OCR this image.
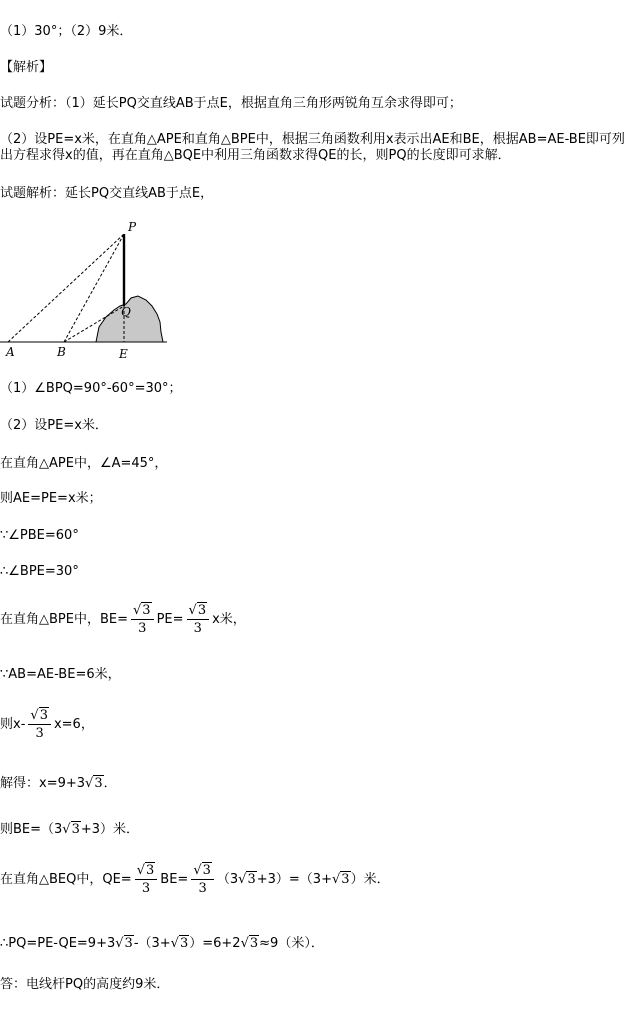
（1）30°；（2）9米．
【解析】
试题分析：（1）延长PQ交直线AB于点E，根据直角三角形两锐角互余求得即可；
（2）设PE=x米，在直角△APE和直角△BPE中，根据三角函数利用x表示出AE和BE，根据AB=AE-BE即可列出方程求得x的值，再在直角△BQE中利用三角函数求得QE的长，则PQ的长度即可求解．
试题解析：延长PQ交直线AB于点E，
P
Q
A	B	E
（1）∠BPQ=90°-60°=30°；
（2）设PE=x米．
在直角△APE中，∠A=45°，
则AE=PE=x米；
∵∠PBE=60°
∴∠BPE=30°
在直角△BPE中，$BE= \frac{√3}{3} PE= \frac{√3}{3}$ x米，
∵AB=AE-BE=6米，
则$x- \frac{√3}{3} x=6$，
解得：x=9+3√3．
则BE=（3√3+3）米．
在直角△BEQ中，$QE= \frac{√3}{3} BE= \frac{√3}{3} (3√3+3)=(3+√3)$米．
∴PQ=PE-QE=9+3√3-（3+√3）=6+2√3≈9（米）．
答：电线杆PQ的高度约9米．
